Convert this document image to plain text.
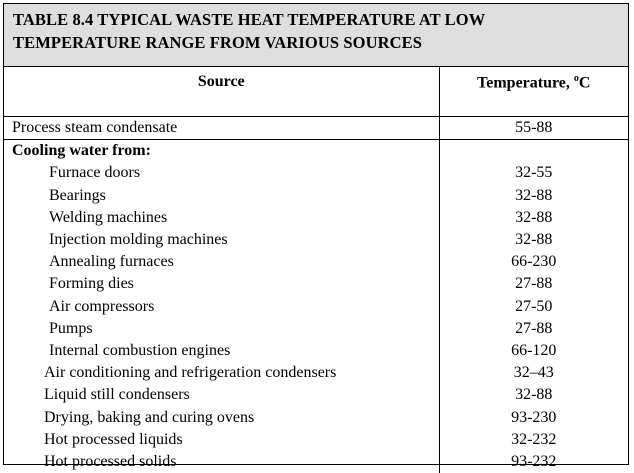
TABLE 8.4 TYPICAL WASTE HEAT TEMPERATURE AT LOW
TEMPERATURE RANGE FROM VARIOUS SOURCES
Source	Temperature, $^o$C
Process steam condensate	55-88
Cooling water from:	
Furnace doors	32-55
Bearings	32-88
Welding machines	32-88
Injection molding machines	32-88
Annealing furnaces	66-230
Forming dies	27-88
Air compressors	27-50
Pumps	27-88
Internal combustion engines	66-120
Air conditioning and refrigeration condensers	32–43
Liquid still condensers	32-88
Drying, baking and curing ovens	93-230
Hot processed liquids	32-232
Hot processed solids	93-232
